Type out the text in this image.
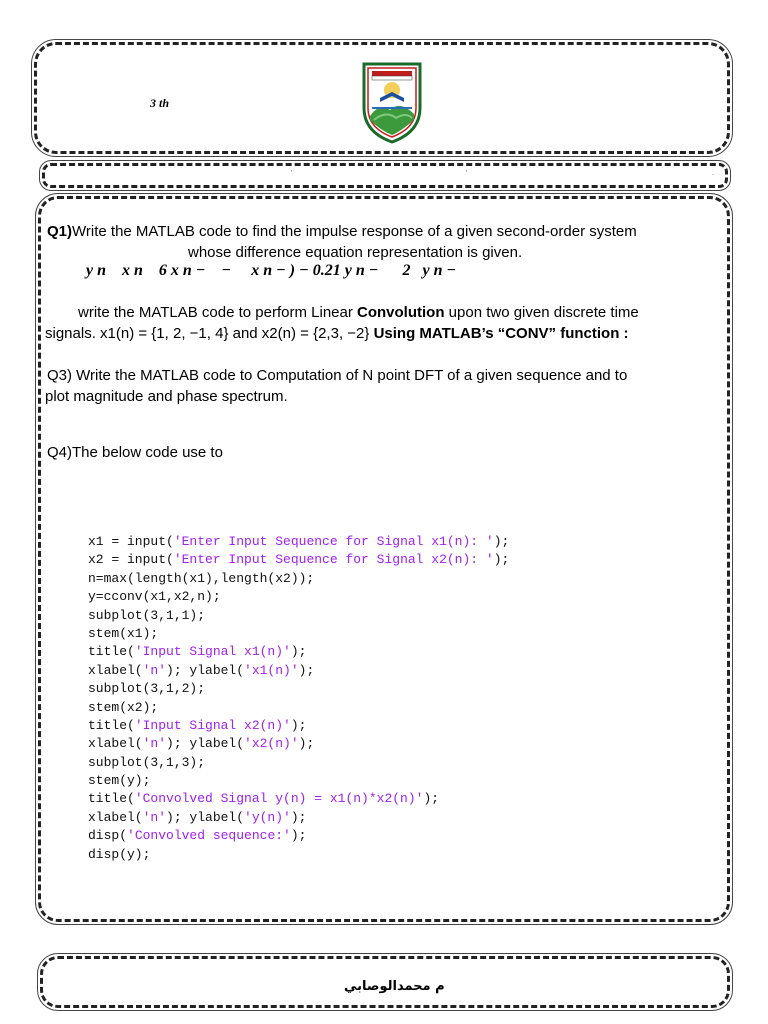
3 th
'	'	.
Q1)Write the MATLAB code to find the impulse response of a given second-order system
whose difference equation representation is given.
y n    x n    6 x n −    −     x n − ) − 0.21 y n −      2   y n −
write the MATLAB code to perform Linear Convolution upon two given discrete time
signals. x1(n) = {1, 2, −1, 4} and x2(n) = {2,3, −2} Using MATLAB’s “CONV” function :
Q3) Write the MATLAB code to Computation of N point DFT of a given sequence and to
plot magnitude and phase spectrum.
Q4)The below code use to
x1 = input('Enter Input Sequence for Signal x1(n): ');
x2 = input('Enter Input Sequence for Signal x2(n): ');
n=max(length(x1),length(x2));
y=cconv(x1,x2,n);
subplot(3,1,1);
stem(x1);
title('Input Signal x1(n)');
xlabel('n'); ylabel('x1(n)');
subplot(3,1,2);
stem(x2);
title('Input Signal x2(n)');
xlabel('n'); ylabel('x2(n)');
subplot(3,1,3);
stem(y);
title('Convolved Signal y(n) = x1(n)*x2(n)');
xlabel('n'); ylabel('y(n)');
disp('Convolved sequence:');
disp(y);
م محمدالوصابي
